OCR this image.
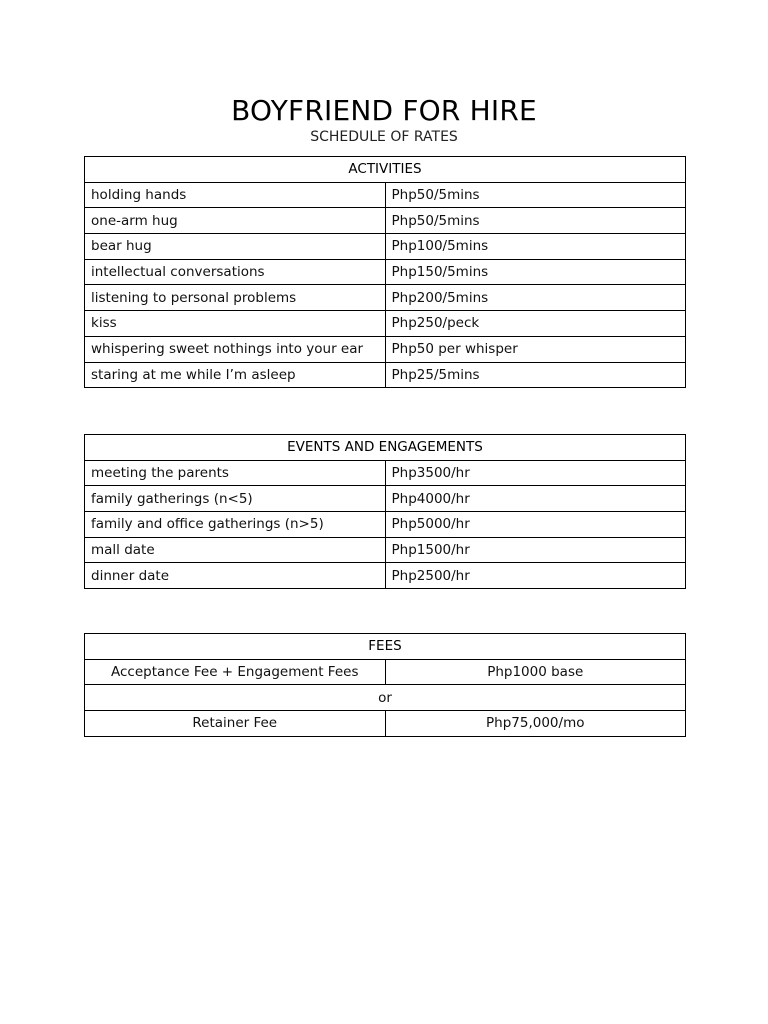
BOYFRIEND FOR HIRE
SCHEDULE OF RATES
ACTIVITIES	
holding hands	Php50/5mins
one-arm hug	Php50/5mins
bear hug	Php100/5mins
intellectual conversations	Php150/5mins
listening to personal problems	Php200/5mins
kiss	Php250/peck
whispering sweet nothings into your ear	Php50 per whisper
staring at me while I’m asleep	Php25/5mins
EVENTS AND ENGAGEMENTS	
meeting the parents	Php3500/hr
family gatherings (n<5)	Php4000/hr
family and office gatherings (n>5)	Php5000/hr
mall date	Php1500/hr
dinner date	Php2500/hr
FEES	
Acceptance Fee + Engagement Fees	Php1000 base
or	
Retainer Fee	Php75,000/mo
